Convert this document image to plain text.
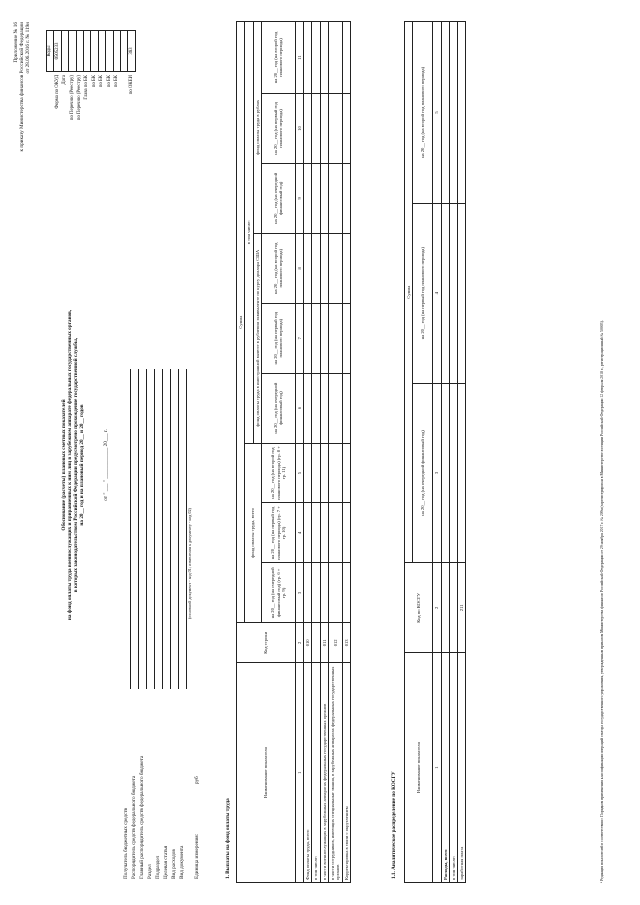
Приложение № 16 к приказу Министерства финансов Российской Федерации от 28.06.2016 г. № 119н
Обоснование (расчеты) плановых сметных показателей на фонд оплаты труда военнослужащих и приравненных к ним лиц в зарубежном аппарате федеральных государственных органов, в которых законодательством Российской Федерации предусмотрено прохождение государственной службы, на 20__ год и на плановый период 20__ и 20__ годов	от " ___ " ____________ 20___ г.
Получатель бюджетных средств Распорядитель средств федерального бюджета Главный распорядитель средств федерального бюджета Раздел Подраздел Целевая статья Вид расходов Вид документа
(основной документ - код 01; изменения к документу - код 02)
Единица измерения:
руб
	Коды
Форма по ОКУД	0505233
Дата	
по Перечню (Реестру)	
по Перечню (Реестру)	
Глава по БК	
по БК	
по БК	
по БК	
по БК	

по ОКЕИ	383
1. Выплаты на фонд оплаты труда
Наименование показателя	Код строки	Сумма								
		фонд оплаты труда, всего			в том числе:					
					фонд оплаты труда в иностранной валюте в рублевом эквиваленте по курсу доллара США			фонд оплаты труда в рублях		
		на 20__ год (на очередной финансовый год) (гр. 6 + гр. 9)	на 20__ год (на первый год планового периода) (гр. 7 + гр. 10)	на 20__ год (на второй год планового периода) (гр. 8 + гр. 11)	на 20__ год (на очередной финансовый год)	на 20__ год (на первый год планового периода)	на 20__ год (на второй год планового периода)	на 20__ год (на очередной финансовый год)	на 20__ год (на первый год планового периода)	на 20__ год (на второй год планового периода)
1	2	3	4	5	6	7	8	9	10	11
Фонд оплаты труда, всего	010									
в том числе:										
в части военнослужащих в зарубежных аппаратах федеральных государственных органов	011									
в части сотрудников, имеющих специальные звания, в зарубежных аппаратах федеральных государственных органов	012									
Корректировка в связи с округлением	013									
1.1. Аналитическое распределение по КОСГУ
Наименование показателя	Код по КОСГУ	Сумма		
		на 20__ год (на очередной финансовый год)	на 20__ год (на первый год планового периода)	на 20__ год (на второй год планового периода)
1	2	3	4	5
Расходы, всего				
в том числе:				
заработная плата	211				¹ Редакция показателей в соответствии с Порядком применения классификации операций сектора государственного управления, утвержденным приказом Министерства финансов Российской Федерации от 29 ноября 2017 г. № 209н (зарегистрирован в Министерстве юстиции Российской Федерации 12 февраля 2018 г., регистрационный № 50003).
